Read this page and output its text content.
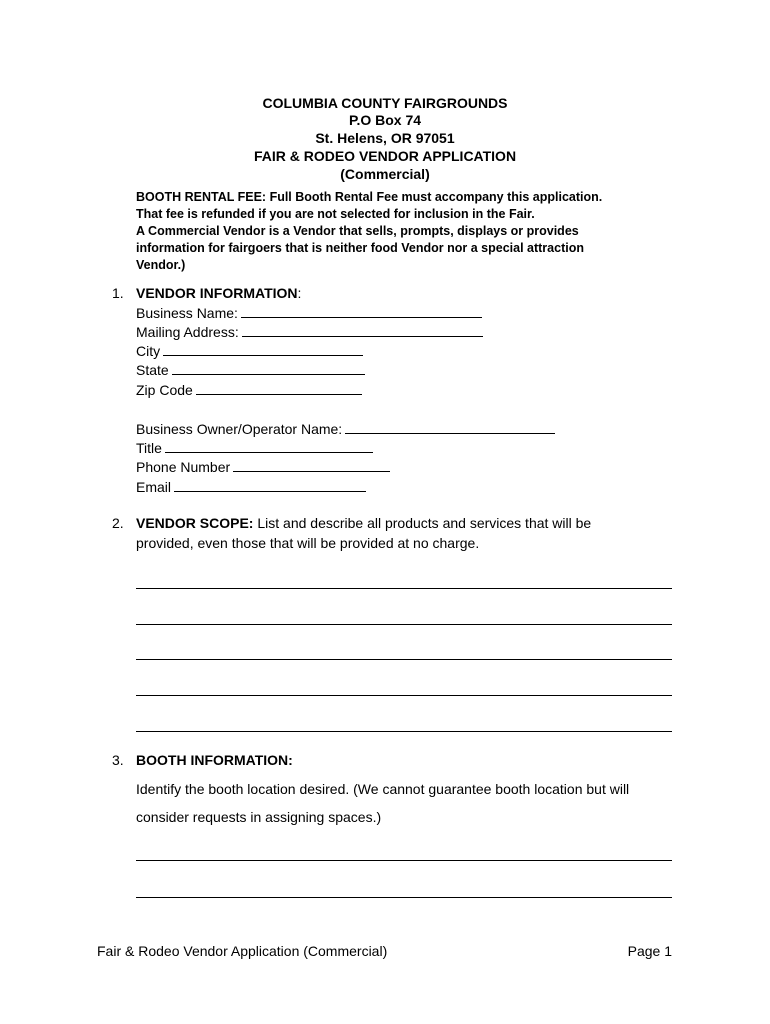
COLUMBIA COUNTY FAIRGROUNDS
P.O Box 74
St. Helens, OR 97051
FAIR & RODEO VENDOR APPLICATION
(Commercial)
BOOTH RENTAL FEE: Full Booth Rental Fee must accompany this application.
That fee is refunded if you are not selected for inclusion in the Fair.
A Commercial Vendor is a Vendor that sells, prompts, displays or provides
information for fairgoers that is neither food Vendor nor a special attraction
Vendor.)
1. VENDOR INFORMATION:
Business Name:
Mailing Address:
City
State
Zip Code
Business Owner/Operator Name:
Title
Phone Number
Email
2. VENDOR SCOPE: List and describe all products and services that will be
provided, even those that will be provided at no charge.
3. BOOTH INFORMATION:
Identify the booth location desired. (We cannot guarantee booth location but will
consider requests in assigning spaces.)
Fair & Rodeo Vendor Application (Commercial)	Page 1
